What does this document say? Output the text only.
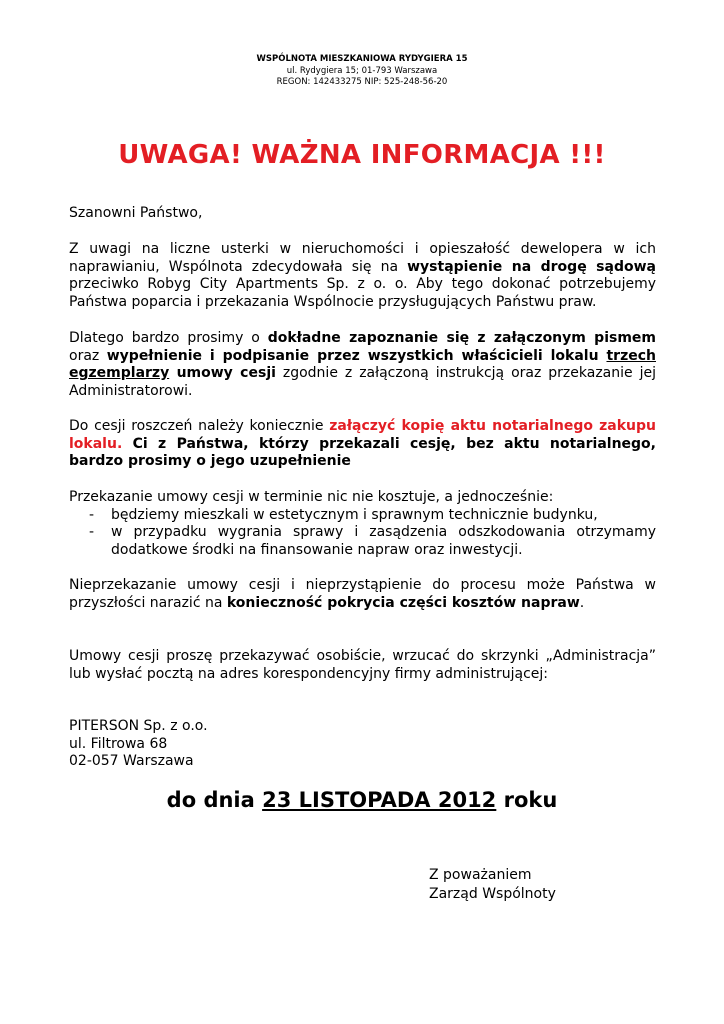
WSPÓLNOTA MIESZKANIOWA RYDYGIERA 15
ul. Rydygiera 15; 01-793 Warszawa
REGON: 142433275 NIP: 525-248-56-20
UWAGA! WAŻNA INFORMACJA !!!

Szanowni Państwo,

Z uwagi na liczne usterki w nieruchomości i opieszałość dewelopera w ich naprawianiu, Wspólnota zdecydowała się na wystąpienie na drogę sądową przeciwko Robyg City Apartments Sp. z o. o. Aby tego dokonać potrzebujemy Państwa poparcia i przekazania Wspólnocie przysługujących Państwu praw.

Dlatego bardzo prosimy o dokładne zapoznanie się z załączonym pismem oraz wypełnienie i podpisanie przez wszystkich właścicieli lokalu trzech egzemplarzy umowy cesji zgodnie z załączoną instrukcją oraz przekazanie jej Administratorowi.

Do cesji roszczeń należy koniecznie załączyć kopię aktu notarialnego zakupu lokalu. Ci z Państwa, którzy przekazali cesję, bez aktu notarialnego, bardzo prosimy o jego uzupełnienie

Przekazanie umowy cesji w terminie nic nie kosztuje, a jednocześnie:

- będziemy mieszkali w estetycznym i sprawnym technicznie budynku,

- w przypadku wygrania sprawy i zasądzenia odszkodowania otrzymamy dodatkowe środki na finansowanie napraw oraz inwestycji.

Nieprzekazanie umowy cesji i nieprzystąpienie do procesu może Państwa w przyszłości narazić na konieczność pokrycia części kosztów napraw.

Umowy cesji proszę przekazywać osobiście, wrzucać do skrzynki „Administracja” lub wysłać pocztą na adres korespondencyjny firmy administrującej:

PITERSON Sp. z o.o.
ul. Filtrowa 68
02-057 Warszawa
do dnia 23 LISTOPADA 2012 roku
Z poważaniem
Zarząd Wspólnoty
